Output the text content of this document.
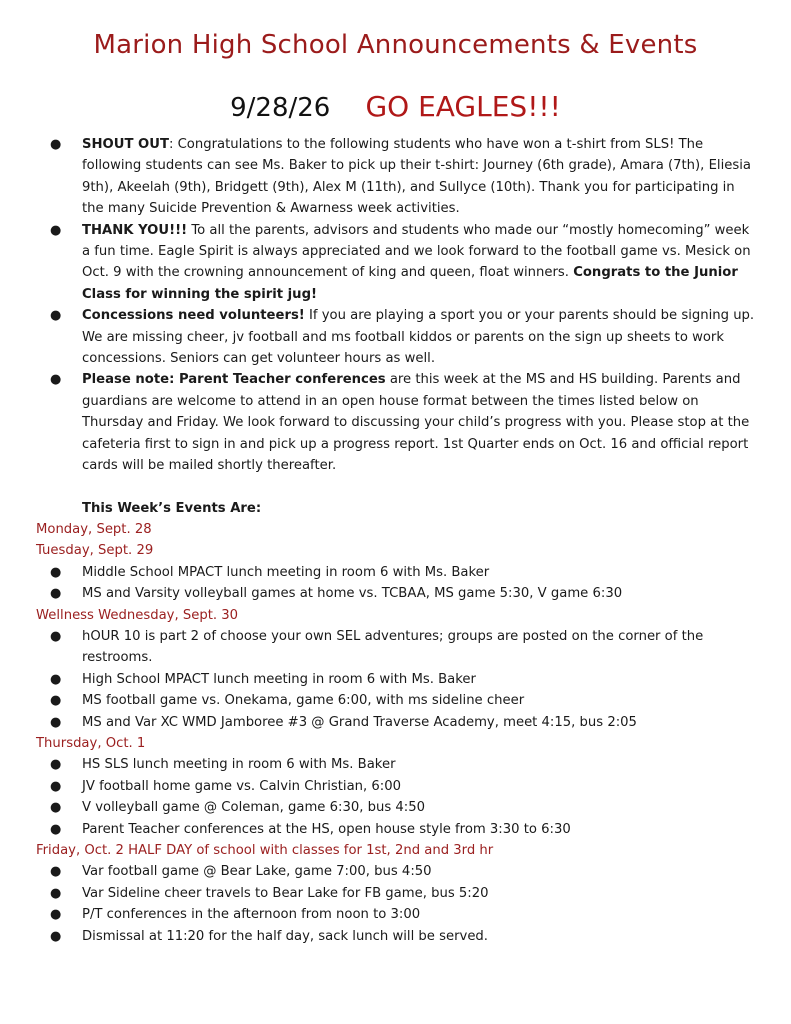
Marion High School Announcements & Events
9/28/26 GO EAGLES!!!
● SHOUT OUT: Congratulations to the following students who have won a t-shirt from SLS! The following students can see Ms. Baker to pick up their t-shirt: Journey (6th grade), Amara (7th), Eliesia 9th), Akeelah (9th), Bridgett (9th), Alex M (11th), and Sullyce (10th). Thank you for participating in the many Suicide Prevention & Awarness week activities.
● THANK YOU!!! To all the parents, advisors and students who made our “mostly homecoming” week a fun time. Eagle Spirit is always appreciated and we look forward to the football game vs. Mesick on Oct. 9 with the crowning announcement of king and queen, float winners. Congrats to the Junior Class for winning the spirit jug!
● Concessions need volunteers! If you are playing a sport you or your parents should be signing up. We are missing cheer, jv football and ms football kiddos or parents on the sign up sheets to work concessions. Seniors can get volunteer hours as well.
● Please note: Parent Teacher conferences are this week at the MS and HS building. Parents and guardians are welcome to attend in an open house format between the times listed below on Thursday and Friday. We look forward to discussing your child’s progress with you. Please stop at the cafeteria first to sign in and pick up a progress report. 1st Quarter ends on Oct. 16 and official report cards will be mailed shortly thereafter.
This Week’s Events Are:
Monday, Sept. 28
Tuesday, Sept. 29
● Middle School MPACT lunch meeting in room 6 with Ms. Baker
● MS and Varsity volleyball games at home vs. TCBAA, MS game 5:30, V game 6:30
Wellness Wednesday, Sept. 30
● hOUR 10 is part 2 of choose your own SEL adventures; groups are posted on the corner of the restrooms.
● High School MPACT lunch meeting in room 6 with Ms. Baker
● MS football game vs. Onekama, game 6:00, with ms sideline cheer
● MS and Var XC WMD Jamboree #3 @ Grand Traverse Academy, meet 4:15, bus 2:05
Thursday, Oct. 1
● HS SLS lunch meeting in room 6 with Ms. Baker
● JV football home game vs. Calvin Christian, 6:00
● V volleyball game @ Coleman, game 6:30, bus 4:50
● Parent Teacher conferences at the HS, open house style from 3:30 to 6:30
Friday, Oct. 2 HALF DAY of school with classes for 1st, 2nd and 3rd hr
● Var football game @ Bear Lake, game 7:00, bus 4:50
● Var Sideline cheer travels to Bear Lake for FB game, bus 5:20
● P/T conferences in the afternoon from noon to 3:00
● Dismissal at 11:20 for the half day, sack lunch will be served.
